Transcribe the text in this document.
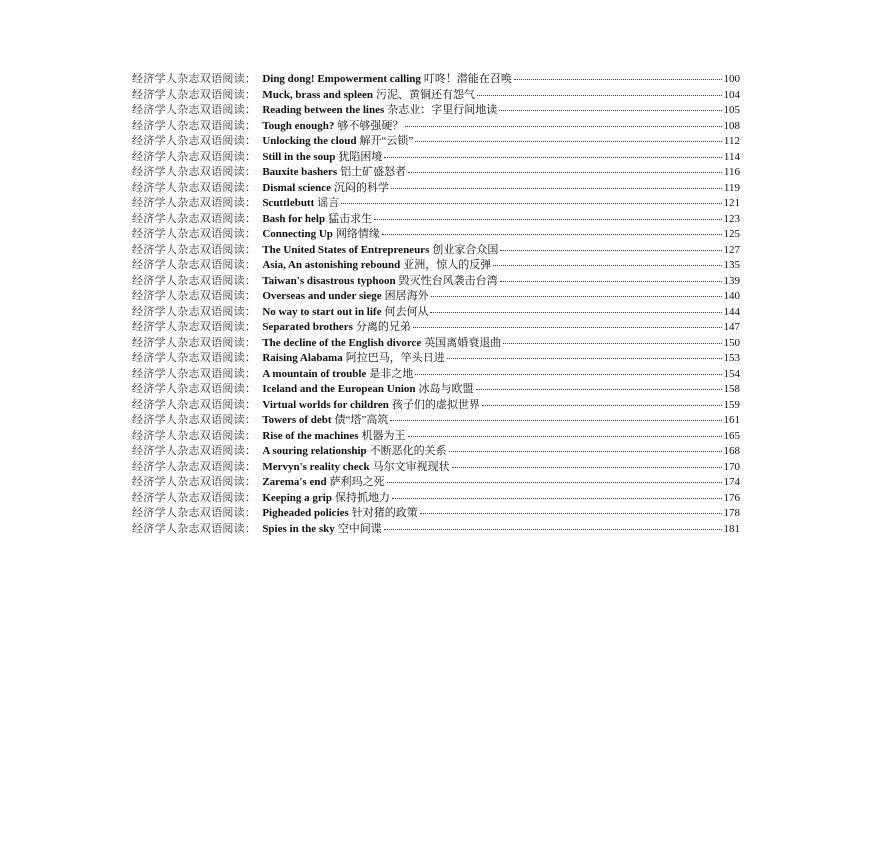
经济学人杂志双语阅读： Ding dong! Empowerment calling 叮咚！潜能在召唤	100
经济学人杂志双语阅读： Muck, brass and spleen 污泥、黄铜还有怨气	104
经济学人杂志双语阅读： Reading between the lines 杂志业：字里行间地读	105
经济学人杂志双语阅读： Tough enough? 够不够强硬？	108
经济学人杂志双语阅读： Unlocking the cloud 解开“云锁”	112
经济学人杂志双语阅读： Still in the soup 犹陷困境	114
经济学人杂志双语阅读： Bauxite bashers 铝土矿盛怒者	116
经济学人杂志双语阅读： Dismal science 沉闷的科学	119
经济学人杂志双语阅读： Scuttlebutt 谣言	121
经济学人杂志双语阅读： Bash for help 猛击求生	123
经济学人杂志双语阅读： Connecting Up 网络情缘	125
经济学人杂志双语阅读： The United States of Entrepreneurs 创业家合众国	127
经济学人杂志双语阅读： Asia, An astonishing rebound 亚洲，惊人的反弹	135
经济学人杂志双语阅读： Taiwan's disastrous typhoon 毁灭性台风袭击台湾	139
经济学人杂志双语阅读： Overseas and under siege 困居海外	140
经济学人杂志双语阅读： No way to start out in life 何去何从	144
经济学人杂志双语阅读： Separated brothers 分离的兄弟	147
经济学人杂志双语阅读： The decline of the English divorce 英国离婚衰退曲	150
经济学人杂志双语阅读： Raising Alabama 阿拉巴马，竿头日进	153
经济学人杂志双语阅读： A mountain of trouble 是非之地	154
经济学人杂志双语阅读： Iceland and the European Union 冰岛与欧盟	158
经济学人杂志双语阅读： Virtual worlds for children 孩子们的虚拟世界	159
经济学人杂志双语阅读： Towers of debt 债“塔”高筑	161
经济学人杂志双语阅读： Rise of the machines 机器为王	165
经济学人杂志双语阅读： A souring relationship 不断恶化的关系	168
经济学人杂志双语阅读： Mervyn's reality check 马尔文审视现状	170
经济学人杂志双语阅读： Zarema's end 萨利玛之死	174
经济学人杂志双语阅读： Keeping a grip 保持抓地力	176
经济学人杂志双语阅读： Pigheaded policies 针对猪的政策	178
经济学人杂志双语阅读： Spies in the sky 空中间谍	181
